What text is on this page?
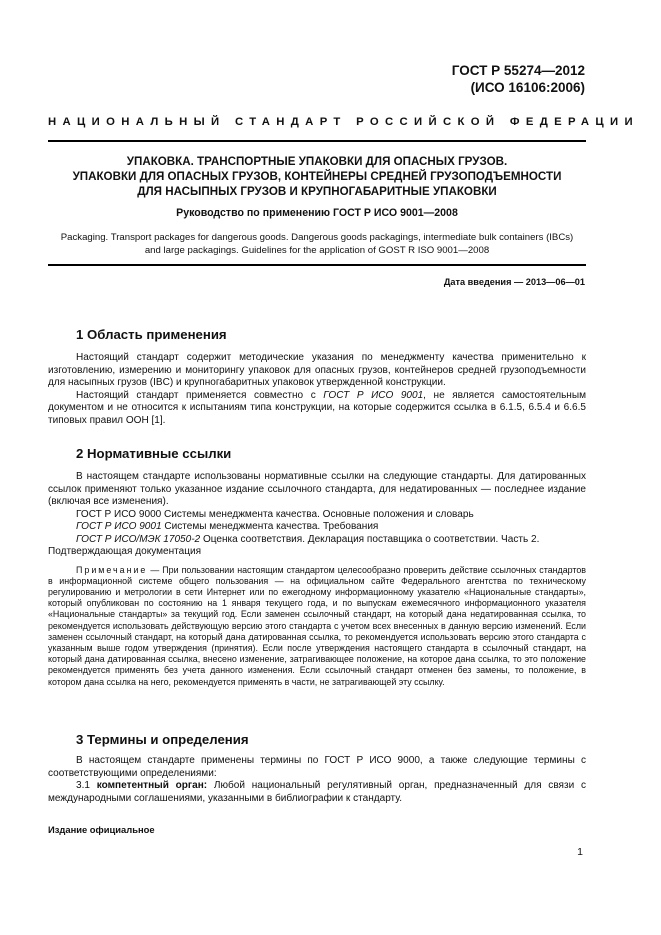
ГОСТ Р 55274—2012
(ИСО 16106:2006)
НАЦИОНАЛЬНЫЙ СТАНДАРТ РОССИЙСКОЙ ФЕДЕРАЦИИ
УПАКОВКА. ТРАНСПОРТНЫЕ УПАКОВКИ ДЛЯ ОПАСНЫХ ГРУЗОВ.
УПАКОВКИ ДЛЯ ОПАСНЫХ ГРУЗОВ, КОНТЕЙНЕРЫ СРЕДНЕЙ ГРУЗОПОДЪЕМНОСТИ
ДЛЯ НАСЫПНЫХ ГРУЗОВ И КРУПНОГАБАРИТНЫЕ УПАКОВКИ
Руководство по применению ГОСТ Р ИСО 9001—2008
Packaging. Transport packages for dangerous goods. Dangerous goods packagings, intermediate bulk containers (IBCs) and large packagings. Guidelines for the application of GOST R ISO 9001—2008
Дата введения — 2013—06—01
1 Область применения

Настоящий стандарт содержит методические указания по менеджменту качества применительно к изготовлению, измерению и мониторингу упаковок для опасных грузов, контейнеров средней грузоподъемности для насыпных грузов (IBC) и крупногабаритных упаковок утвержденной конструкции.

Настоящий стандарт применяется совместно с ГОСТ Р ИСО 9001, не является самостоятельным документом и не относится к испытаниям типа конструкции, на которые содержится ссылка в 6.1.5, 6.5.4 и 6.6.5 типовых правил ООН [1].

2 Нормативные ссылки

В настоящем стандарте использованы нормативные ссылки на следующие стандарты. Для датированных ссылок применяют только указанное издание ссылочного стандарта, для недатированных — последнее издание (включая все изменения).

ГОСТ Р ИСО 9000 Системы менеджмента качества. Основные положения и словарь

ГОСТ Р ИСО 9001 Системы менеджмента качества. Требования

ГОСТ Р ИСО/МЭК 17050-2 Оценка соответствия. Декларация поставщика о соответствии. Часть 2.

Подтверждающая документация

Примечание — При пользовании настоящим стандартом целесообразно проверить действие ссылочных стандартов в информационной системе общего пользования — на официальном сайте Федерального агентства по техническому регулированию и метрологии в сети Интернет или по ежегодному информационному указателю «Национальные стандарты», который опубликован по состоянию на 1 января текущего года, и по выпускам ежемесячного информационного указателя «Национальные стандарты» за текущий год. Если заменен ссылочный стандарт, на который дана недатированная ссылка, то рекомендуется использовать действующую версию этого стандарта с учетом всех внесенных в данную версию изменений. Если заменен ссылочный стандарт, на который дана датированная ссылка, то рекомендуется использовать версию этого стандарта с указанным выше годом утверждения (принятия). Если после утверждения настоящего стандарта в ссылочный стандарт, на который дана датированная ссылка, внесено изменение, затрагивающее положение, на которое дана ссылка, то это положение рекомендуется применять без учета данного изменения. Если ссылочный стандарт отменен без замены, то положение, в котором дана ссылка на него, рекомендуется применять в части, не затрагивающей эту ссылку.

3 Термины и определения

В настоящем стандарте применены термины по ГОСТ Р ИСО 9000, а также следующие термины с соответствующими определениями:

3.1 компетентный орган: Любой национальный регулятивный орган, предназначенный для связи с международными соглашениями, указанными в библиографии к стандарту.

Издание официальное
1
